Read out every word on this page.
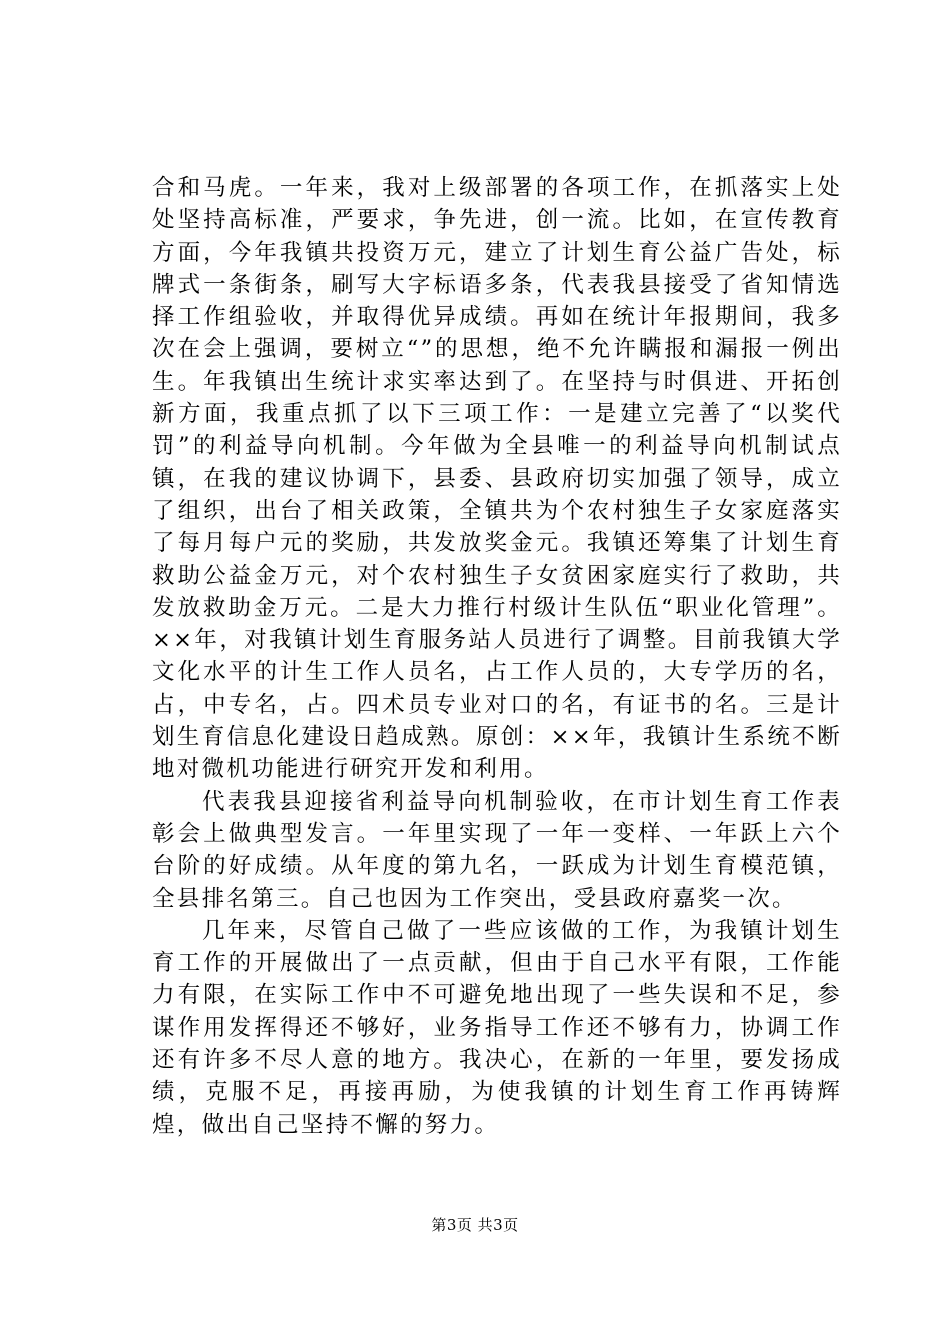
合和马虎。一年来，我对上级部署的各项工作，在抓落实上处处坚持高标准，严要求，争先进，创一流。比如，在宣传教育方面，今年我镇共投资万元，建立了计划生育公益广告处，标牌式一条街条，刷写大字标语多条，代表我县接受了省知情选择工作组验收，并取得优异成绩。再如在统计年报期间，我多次在会上强调，要树立“”的思想，绝不允许瞒报和漏报一例出生。年我镇出生统计求实率达到了。在坚持与时俱进、开拓创新方面，我重点抓了以下三项工作：一是建立完善了“以奖代罚”的利益导向机制。今年做为全县唯一的利益导向机制试点镇，在我的建议协调下，县委、县政府切实加强了领导，成立了组织，出台了相关政策，全镇共为个农村独生子女家庭落实了每月每户元的奖励，共发放奖金元。我镇还筹集了计划生育救助公益金万元，对个农村独生子女贫困家庭实行了救助，共发放救助金万元。二是大力推行村级计生队伍“职业化管理”。××年，对我镇计划生育服务站人员进行了调整。目前我镇大学文化水平的计生工作人员名，占工作人员的，大专学历的名，占，中专名，占。四术员专业对口的名，有证书的名。三是计划生育信息化建设日趋成熟。原创：××年，我镇计生系统不断地对微机功能进行研究开发和利用。

代表我县迎接省利益导向机制验收，在市计划生育工作表彰会上做典型发言。一年里实现了一年一变样、一年跃上六个台阶的好成绩。从年度的第九名，一跃成为计划生育模范镇，全县排名第三。自己也因为工作突出，受县政府嘉奖一次。

几年来，尽管自己做了一些应该做的工作，为我镇计划生育工作的开展做出了一点贡献，但由于自己水平有限，工作能力有限，在实际工作中不可避免地出现了一些失误和不足，参谋作用发挥得还不够好，业务指导工作还不够有力，协调工作还有许多不尽人意的地方。我决心，在新的一年里，要发扬成绩，克服不足，再接再励，为使我镇的计划生育工作再铸辉煌，做出自己坚持不懈的努力。

第3页 共3页
